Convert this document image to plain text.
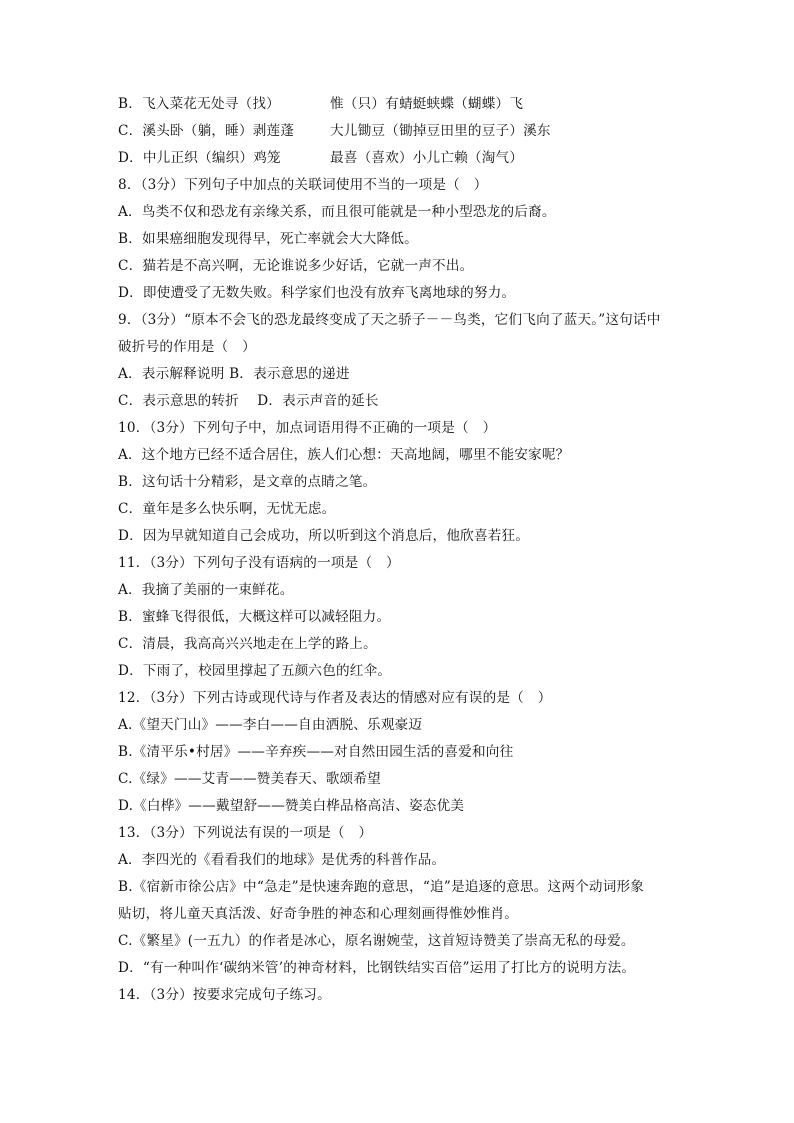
B．飞入菜花无处寻（找）	惟（只）有蜻蜓蛱蝶（蝴蝶）飞
C．溪头卧（躺，睡）剥莲蓬	大儿锄豆（锄掉豆田里的豆子）溪东
D．中儿正织（编织）鸡笼	最喜（喜欢）小儿亡赖（淘气）
8．（3分）下列句子中加点的关联词使用不当的一项是（　）
A．鸟类不仅和恐龙有亲缘关系，而且很可能就是一种小型恐龙的后裔。
B．如果癌细胞发现得早，死亡率就会大大降低。
C．猫若是不高兴啊，无论谁说多少好话，它就一声不出。
D．即使遭受了无数失败。科学家们也没有放弃飞离地球的努力。
9．（3分）“原本不会飞的恐龙最终变成了天之骄子－－鸟类，它们飞向了蓝天。”这句话中
破折号的作用是（　）
A．表示解释说明 B．表示意思的递进
C．表示意思的转折　 D．表示声音的延长
10．（3分）下列句子中，加点词语用得不正确的一项是（　）
A．这个地方已经不适合居住，族人们心想：天高地阔，哪里不能安家呢？
B．这句话十分精彩，是文章的点睛之笔。
C．童年是多么快乐啊，无忧无虑。
D．因为早就知道自己会成功，所以听到这个消息后，他欣喜若狂。
11．（3分）下列句子没有语病的一项是（　）
A．我摘了美丽的一束鲜花。
B．蜜蜂飞得很低，大概这样可以减轻阻力。
C．清晨，我高高兴兴地走在上学的路上。
D．下雨了，校园里撑起了五颜六色的红伞。
12．（3分）下列古诗或现代诗与作者及表达的情感对应有误的是（　）
A.《望天门山》——李白——自由洒脱、乐观豪迈
B.《清平乐•村居》——辛弃疾——对自然田园生活的喜爱和向往
C.《绿》——艾青——赞美春天、歌颂希望
D.《白桦》——戴望舒——赞美白桦品格高洁、姿态优美
13．（3分）下列说法有误的一项是（　）
A．李四光的《看看我们的地球》是优秀的科普作品。
B.《宿新市徐公店》中“急走”是快速奔跑的意思，“追”是追逐的意思。这两个动词形象
贴切，将儿童天真活泼、好奇争胜的神态和心理刻画得惟妙惟肖。
C.《繁星》(一五九）的作者是冰心，原名谢婉莹，这首短诗赞美了崇高无私的母爱。
D．“有一种叫作‘碳纳米管’的神奇材料，比钢铁结实百倍”运用了打比方的说明方法。
14．（3分）按要求完成句子练习。
